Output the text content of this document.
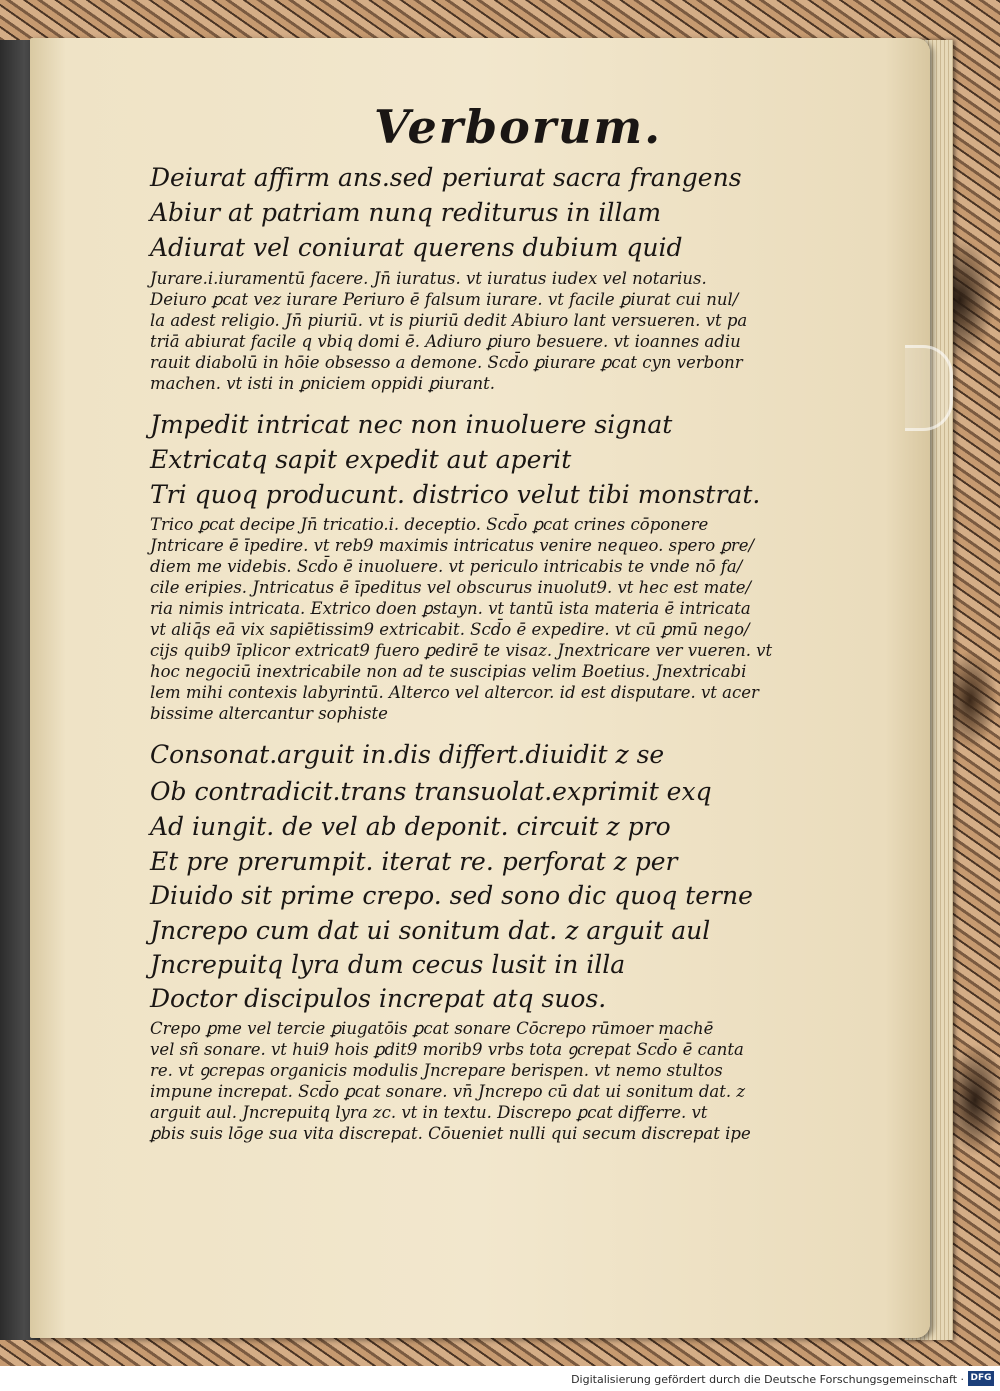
Verborum.
Deiurat affirm ans.sed periurat sacra frangens
Abiur at patriam nunq rediturus in illam
Adiurat vel coniurat querens dubium quid
Jurare.i.iuramentū facere. Jn̄ iuratus. vt iuratus iudex vel notarius.
Deiuro ꝑcat vez iurare Periuro ē falsum iurare. vt facile ꝑiurat cui nul/
la adest religio. Jn̄ piuriū. vt is piuriū dedit Abiuro lant versueren. vt pa
triā abiurat facile q vbiq domi ē. Adiuro ꝑiuro besuere. vt ioannes adiu
rauit diabolū in hōie obsesso a demone. Scd̄o ꝑiurare ꝑcat cyn verbonr
machen. vt isti in ꝑniciem oppidi ꝑiurant.
Jmpedit intricat nec non inuoluere signat
Extricatq sapit expedit aut aperit
Tri quoq producunt. districo velut tibi monstrat.
Trico ꝑcat decipe Jn̄ tricatio.i. deceptio. Scd̄o ꝑcat crines cōponere
Jntricare ē īpedire. vt reb9 maximis intricatus venire nequeo. spero ꝑre/
diem me videbis. Scd̄o ē inuoluere. vt periculo intricabis te vnde nō fa/
cile eripies. Jntricatus ē īpeditus vel obscurus inuolut9. vt hec est mate/
ria nimis intricata. Extrico doen ꝑstayn. vt tantū ista materia ē intricata
vt aliq̄s eā vix sapiētissim9 extricabit. Scd̄o ē expedire. vt cū ꝑmū nego/
cijs quib9 īplicor extricat9 fuero ꝑedirē te visaz. Jnextricare ver vueren. vt
hoc negociū inextricabile non ad te suscipias velim Boetius. Jnextricabi
lem mihi contexis labyrintū. Alterco vel altercor. id est disputare. vt acer
bissime altercantur sophiste
Consonat.arguit in.dis differt.diuidit z se
Ob contradicit.trans transuolat.exprimit exq
Ad iungit. de vel ab deponit. circuit z pro
Et pre prerumpit. iterat re. perforat z per
Diuido sit prime crepo. sed sono dic quoq terne
Jncrepo cum dat ui sonitum dat. z arguit aul
Jncrepuitq lyra dum cecus lusit in illa
Doctor discipulos increpat atq suos.
Crepo ꝑme vel tercie ꝑiugatōis ꝑcat sonare Cōcrepo rūmoer machē
vel sñ sonare. vt hui9 hois ꝑdit9 morib9 vrbs tota ꝯcrepat Scd̄o ē canta
re. vt ꝯcrepas organicis modulis Jncrepare berispen. vt nemo stultos
impune increpat. Scd̄o ꝑcat sonare. vn̄ Jncrepo cū dat ui sonitum dat. z
arguit aul. Jncrepuitq lyra zc. vt in textu. Discrepo ꝑcat differre. vt
ꝑbis suis lōge sua vita discrepat. Cōueniet nulli qui secum discrepat ipe
Digitalisierung gefördert durch die Deutsche Forschungsgemeinschaft · DFG
